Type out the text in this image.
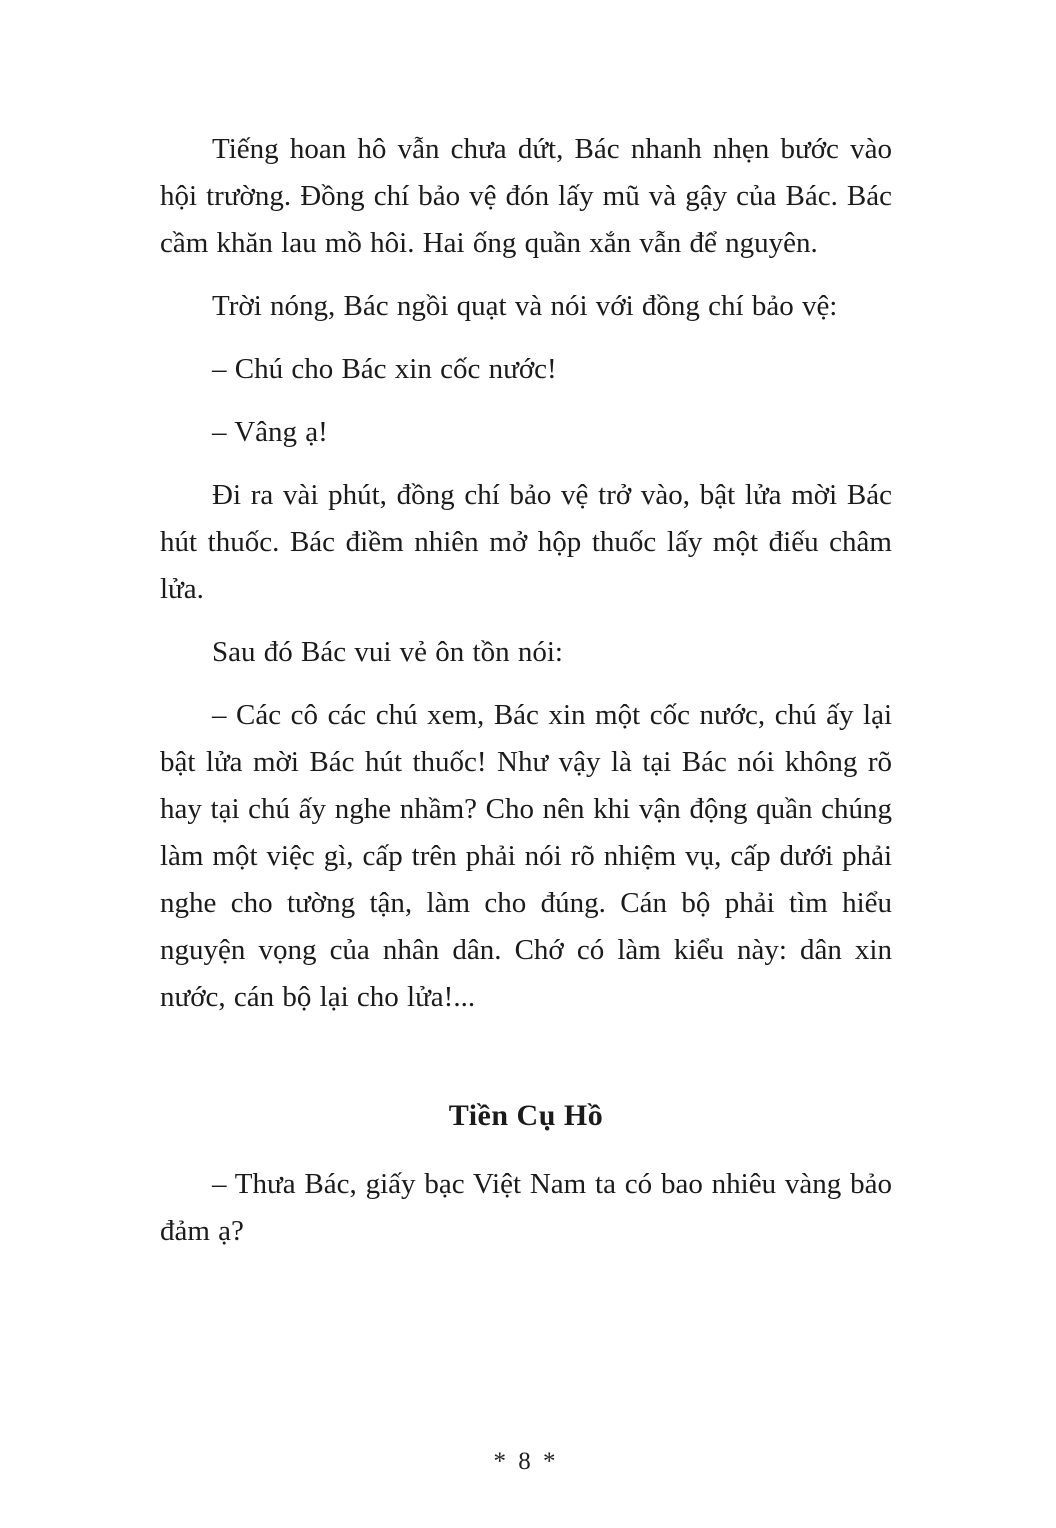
Tiếng hoan hô vẫn chưa dứt, Bác nhanh nhẹn bước vào hội trường. Đồng chí bảo vệ đón lấy mũ và gậy của Bác. Bác cầm khăn lau mồ hôi. Hai ống quần xắn vẫn để nguyên.

Trời nóng, Bác ngồi quạt và nói với đồng chí bảo vệ:

– Chú cho Bác xin cốc nước!

– Vâng ạ!

Đi ra vài phút, đồng chí bảo vệ trở vào, bật lửa mời Bác hút thuốc. Bác điềm nhiên mở hộp thuốc lấy một điếu châm lửa.

Sau đó Bác vui vẻ ôn tồn nói:

– Các cô các chú xem, Bác xin một cốc nước, chú ấy lại bật lửa mời Bác hút thuốc! Như vậy là tại Bác nói không rõ hay tại chú ấy nghe nhầm? Cho nên khi vận động quần chúng làm một việc gì, cấp trên phải nói rõ nhiệm vụ, cấp dưới phải nghe cho tường tận, làm cho đúng. Cán bộ phải tìm hiểu nguyện vọng của nhân dân. Chớ có làm kiểu này: dân xin nước, cán bộ lại cho lửa!...

Tiền Cụ Hồ

– Thưa Bác, giấy bạc Việt Nam ta có bao nhiêu vàng bảo đảm ạ?

* 8 *
